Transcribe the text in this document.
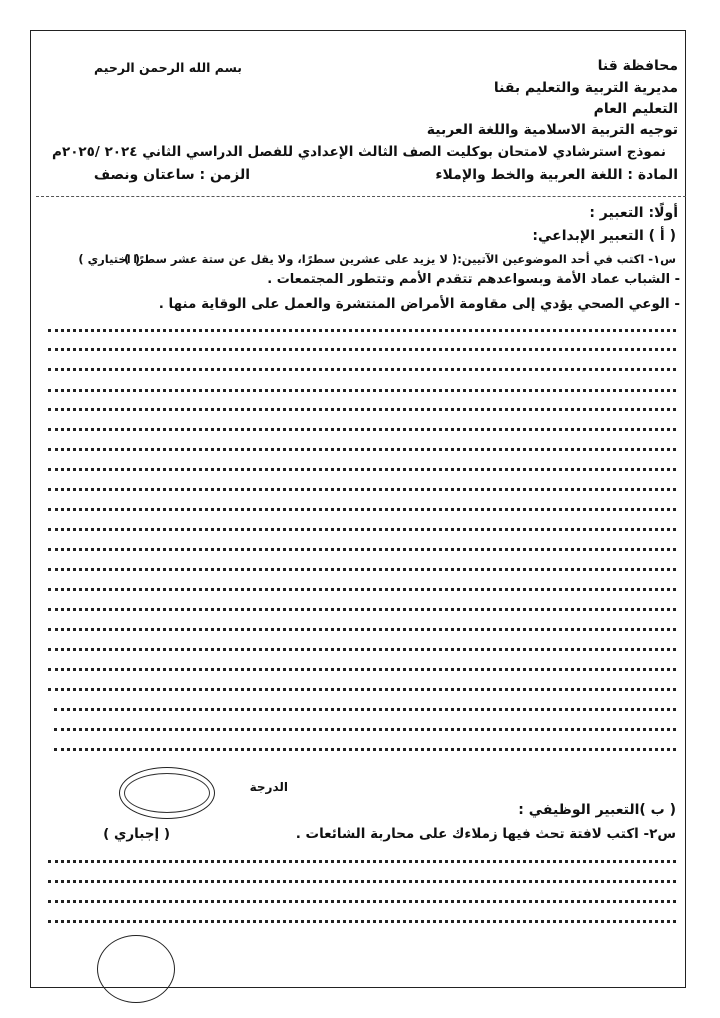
محافظة قنا
بسم الله الرحمن الرحيم
مديرية التربية والتعليم بقنا
التعليم العام
توجيه التربية الاسلامية واللغة العربية
نموذج استرشادي لامتحان بوكليت الصف الثالث الإعدادي للفصل الدراسي الثاني ٢٠٢٤ /٢٠٢٥م
المادة : اللغة العربية والخط والإملاء
الزمن : ساعتان ونصف
أولًا: التعبير :
( أ ) التعبير الإبداعي:
س١- اكتب في أحد الموضوعين الآتيين:( لا يزيد على عشرين سطرًا، ولا يقل عن ستة عشر سطرًا )
( اختياري )
- الشباب عماد الأمة وبسواعدهم تتقدم الأمم وتتطور المجتمعات .
- الوعي الصحي يؤدي إلى مقاومة الأمراض المنتشرة والعمل على الوقاية منها .
الدرجة
( ب )التعبير الوظيفي :
س٢- اكتب لافتة تحث فيها زملاءك على محاربة الشائعات .
( إجباري )
